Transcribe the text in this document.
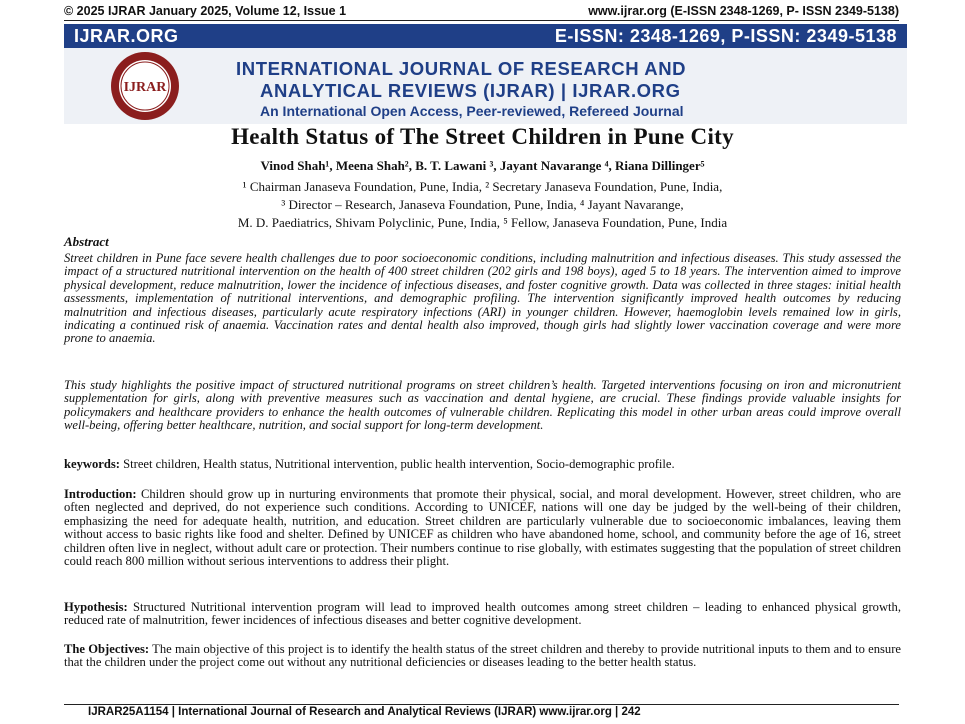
© 2025 IJRAR January 2025, Volume 12, Issue 1	www.ijrar.org (E-ISSN 2348-1269, P- ISSN 2349-5138)
IJRAR.ORG	E-ISSN: 2348-1269, P-ISSN: 2349-5138
IJRAR
INTERNATIONAL JOURNAL OF RESEARCH AND
ANALYTICAL REVIEWS (IJRAR) | IJRAR.ORG
An International Open Access, Peer-reviewed, Refereed Journal
Health Status of The Street Children in Pune City
Vinod Shah¹, Meena Shah², B. T. Lawani ³, Jayant Navarange ⁴, Riana Dillinger⁵
¹ Chairman Janaseva Foundation, Pune, India, ² Secretary Janaseva Foundation, Pune, India,
³ Director – Research, Janaseva Foundation, Pune, India, ⁴ Jayant Navarange,
M. D. Paediatrics, Shivam Polyclinic, Pune, India, ⁵ Fellow, Janaseva Foundation, Pune, India
Abstract
Street children in Pune face severe health challenges due to poor socioeconomic conditions, including malnutrition and infectious diseases. This study assessed the impact of a structured nutritional intervention on the health of 400 street children (202 girls and 198 boys), aged 5 to 18 years. The intervention aimed to improve physical development, reduce malnutrition, lower the incidence of infectious diseases, and foster cognitive growth. Data was collected in three stages: initial health assessments, implementation of nutritional interventions, and demographic profiling. The intervention significantly improved health outcomes by reducing malnutrition and infectious diseases, particularly acute respiratory infections (ARI) in younger children. However, haemoglobin levels remained low in girls, indicating a continued risk of anaemia. Vaccination rates and dental health also improved, though girls had slightly lower vaccination coverage and were more prone to anaemia.
This study highlights the positive impact of structured nutritional programs on street children’s health. Targeted interventions focusing on iron and micronutrient supplementation for girls, along with preventive measures such as vaccination and dental hygiene, are crucial. These findings provide valuable insights for policymakers and healthcare providers to enhance the health outcomes of vulnerable children. Replicating this model in other urban areas could improve overall well-being, offering better healthcare, nutrition, and social support for long-term development.
keywords: Street children, Health status, Nutritional intervention, public health intervention, Socio-demographic profile.
Introduction: Children should grow up in nurturing environments that promote their physical, social, and moral development. However, street children, who are often neglected and deprived, do not experience such conditions. According to UNICEF, nations will one day be judged by the well-being of their children, emphasizing the need for adequate health, nutrition, and education. Street children are particularly vulnerable due to socioeconomic imbalances, leaving them without access to basic rights like food and shelter. Defined by UNICEF as children who have abandoned home, school, and community before the age of 16, street children often live in neglect, without adult care or protection. Their numbers continue to rise globally, with estimates suggesting that the population of street children could reach 800 million without serious interventions to address their plight.
Hypothesis: Structured Nutritional intervention program will lead to improved health outcomes among street children – leading to enhanced physical growth, reduced rate of malnutrition, fewer incidences of infectious diseases and better cognitive development.
The Objectives: The main objective of this project is to identify the health status of the street children and thereby to provide nutritional inputs to them and to ensure that the children under the project come out without any nutritional deficiencies or diseases leading to the better health status.
IJRAR25A1154 | International Journal of Research and Analytical Reviews (IJRAR) www.ijrar.org | 242
